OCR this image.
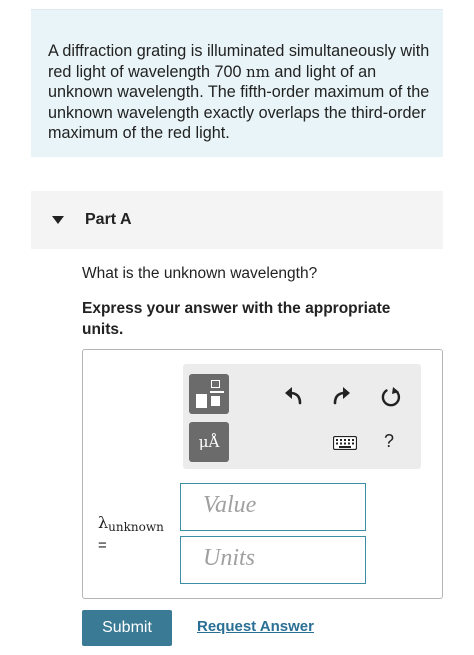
A diffraction grating is illuminated simultaneously with red light of wavelength 700 nm and light of an unknown wavelength. The fifth-order maximum of the unknown wavelength exactly overlaps the third-order maximum of the red light.

Part A
What is the unknown wavelength?
Express your answer with the appropriate units.
μÅ	?
λunknown
=
Value
Units
Submit	Request Answer
